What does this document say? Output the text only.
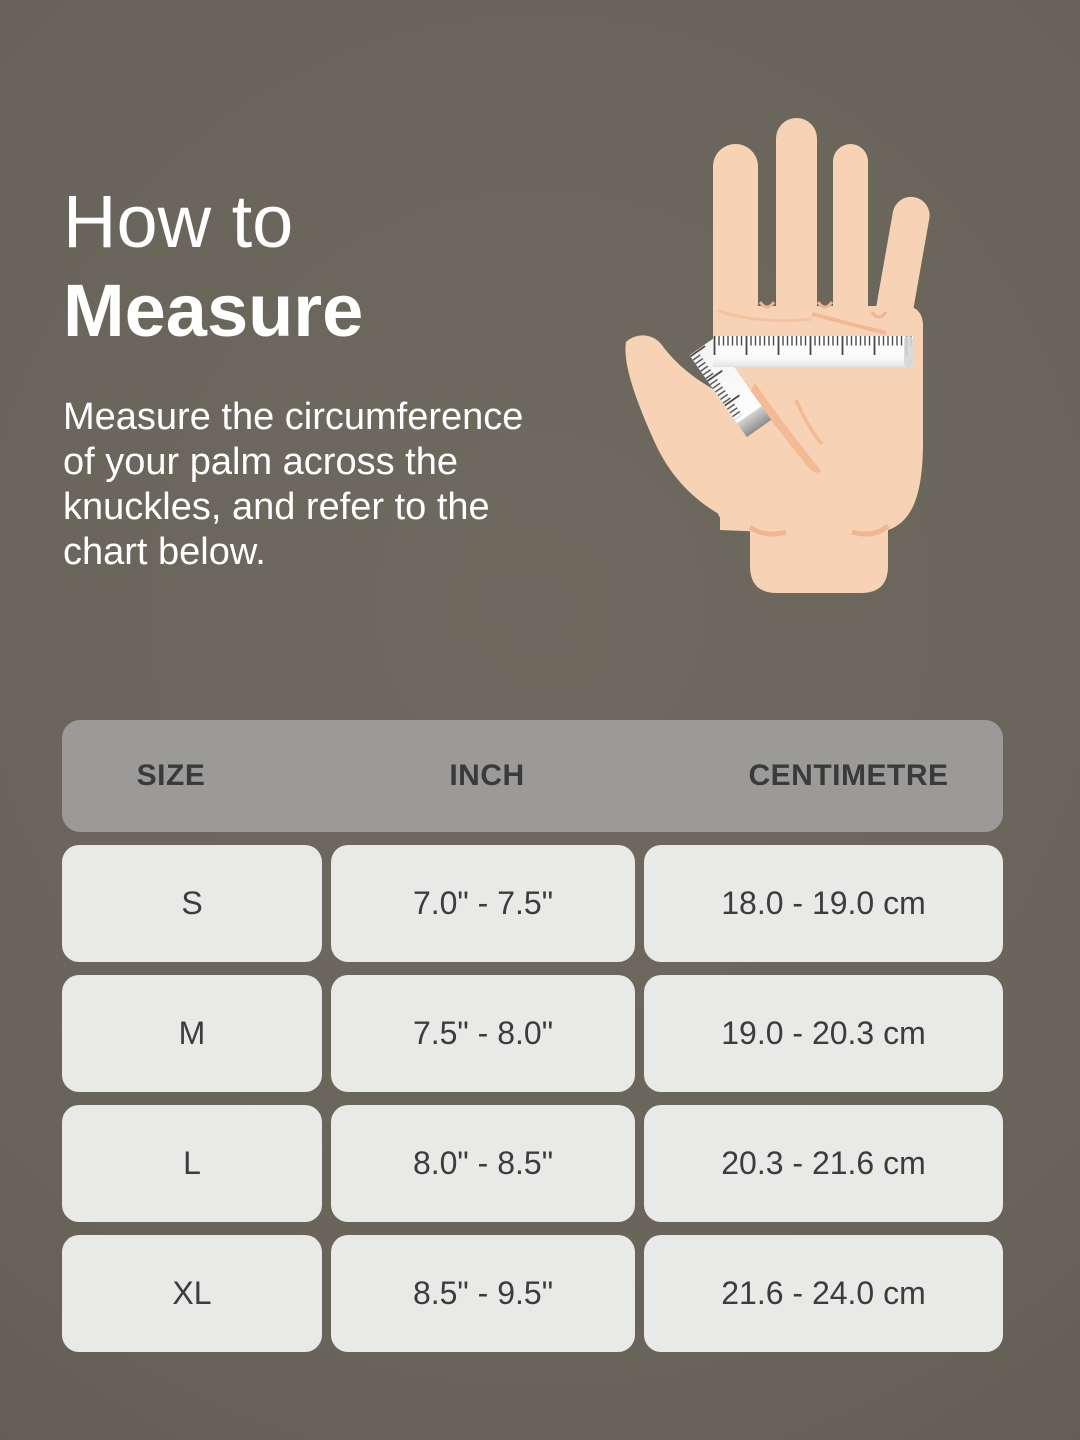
How to
Measure

Measure the circumference of your palm across the knuckles, and refer to the chart below.

SIZE	INCH	CENTIMETRE
S	7.0" - 7.5"	18.0 - 19.0 cm
M	7.5" - 8.0"	19.0 - 20.3 cm
L	8.0" - 8.5"	20.3 - 21.6 cm
XL	8.5" - 9.5"	21.6 - 24.0 cm
